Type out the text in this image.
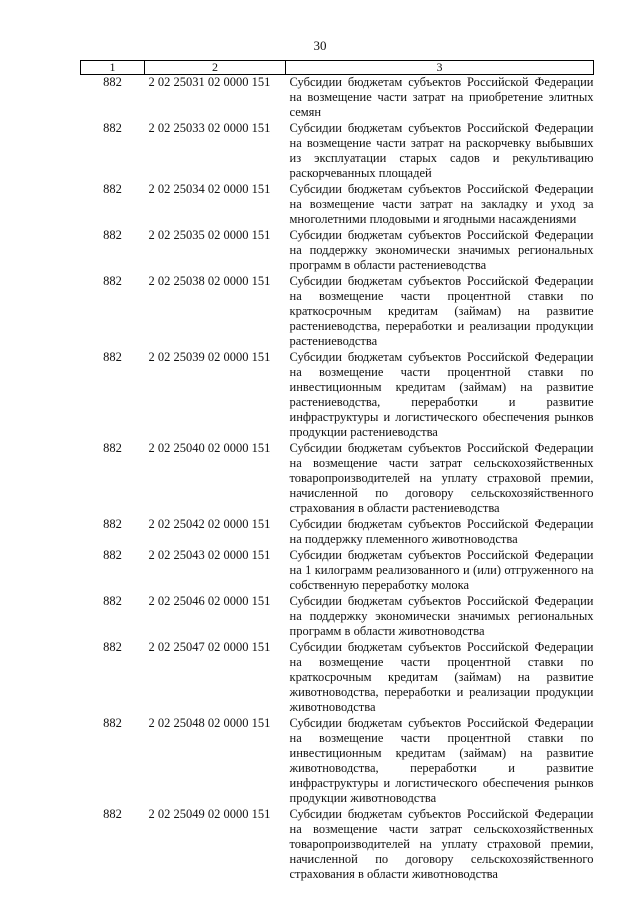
30
1	2	3
882	2 02 25031 02 0000 151	Субсидии бюджетам субъектов Российской Федерации на возмещение части затрат на приобретение элитных семян
882	2 02 25033 02 0000 151	Субсидии бюджетам субъектов Российской Федерации на возмещение части затрат на раскорчевку выбывших из эксплуатации старых садов и рекультивацию раскорчеванных площадей
882	2 02 25034 02 0000 151	Субсидии бюджетам субъектов Российской Федерации на возмещение части затрат на закладку и уход за многолетними плодовыми и ягодными насаждениями
882	2 02 25035 02 0000 151	Субсидии бюджетам субъектов Российской Федерации на поддержку экономически значимых региональных программ в области растениеводства
882	2 02 25038 02 0000 151	Субсидии бюджетам субъектов Российской Федерации на возмещение части процентной ставки по краткосрочным кредитам (займам) на развитие растениеводства, переработки и реализации продукции растениеводства
882	2 02 25039 02 0000 151	Субсидии бюджетам субъектов Российской Федерации на возмещение части процентной ставки по инвестиционным кредитам (займам) на развитие растениеводства, переработки и развитие инфраструктуры и логистического обеспечения рынков продукции растениеводства
882	2 02 25040 02 0000 151	Субсидии бюджетам субъектов Российской Федерации на возмещение части затрат сельскохозяйственных товаропроизводителей на уплату страховой премии, начисленной по договору сельскохозяйственного страхования в области растениеводства
882	2 02 25042 02 0000 151	Субсидии бюджетам субъектов Российской Федерации на поддержку племенного животноводства
882	2 02 25043 02 0000 151	Субсидии бюджетам субъектов Российской Федерации на 1 килограмм реализованного и (или) отгруженного на собственную переработку молока
882	2 02 25046 02 0000 151	Субсидии бюджетам субъектов Российской Федерации на поддержку экономически значимых региональных программ в области животноводства
882	2 02 25047 02 0000 151	Субсидии бюджетам субъектов Российской Федерации на возмещение части процентной ставки по краткосрочным кредитам (займам) на развитие животноводства, переработки и реализации продукции животноводства
882	2 02 25048 02 0000 151	Субсидии бюджетам субъектов Российской Федерации на возмещение части процентной ставки по инвестиционным кредитам (займам) на развитие животноводства, переработки и развитие инфраструктуры и логистического обеспечения рынков продукции животноводства
882	2 02 25049 02 0000 151	Субсидии бюджетам субъектов Российской Федерации на возмещение части затрат сельскохозяйственных товаропроизводителей на уплату страховой премии, начисленной по договору сельскохозяйственного страхования в области животноводства
